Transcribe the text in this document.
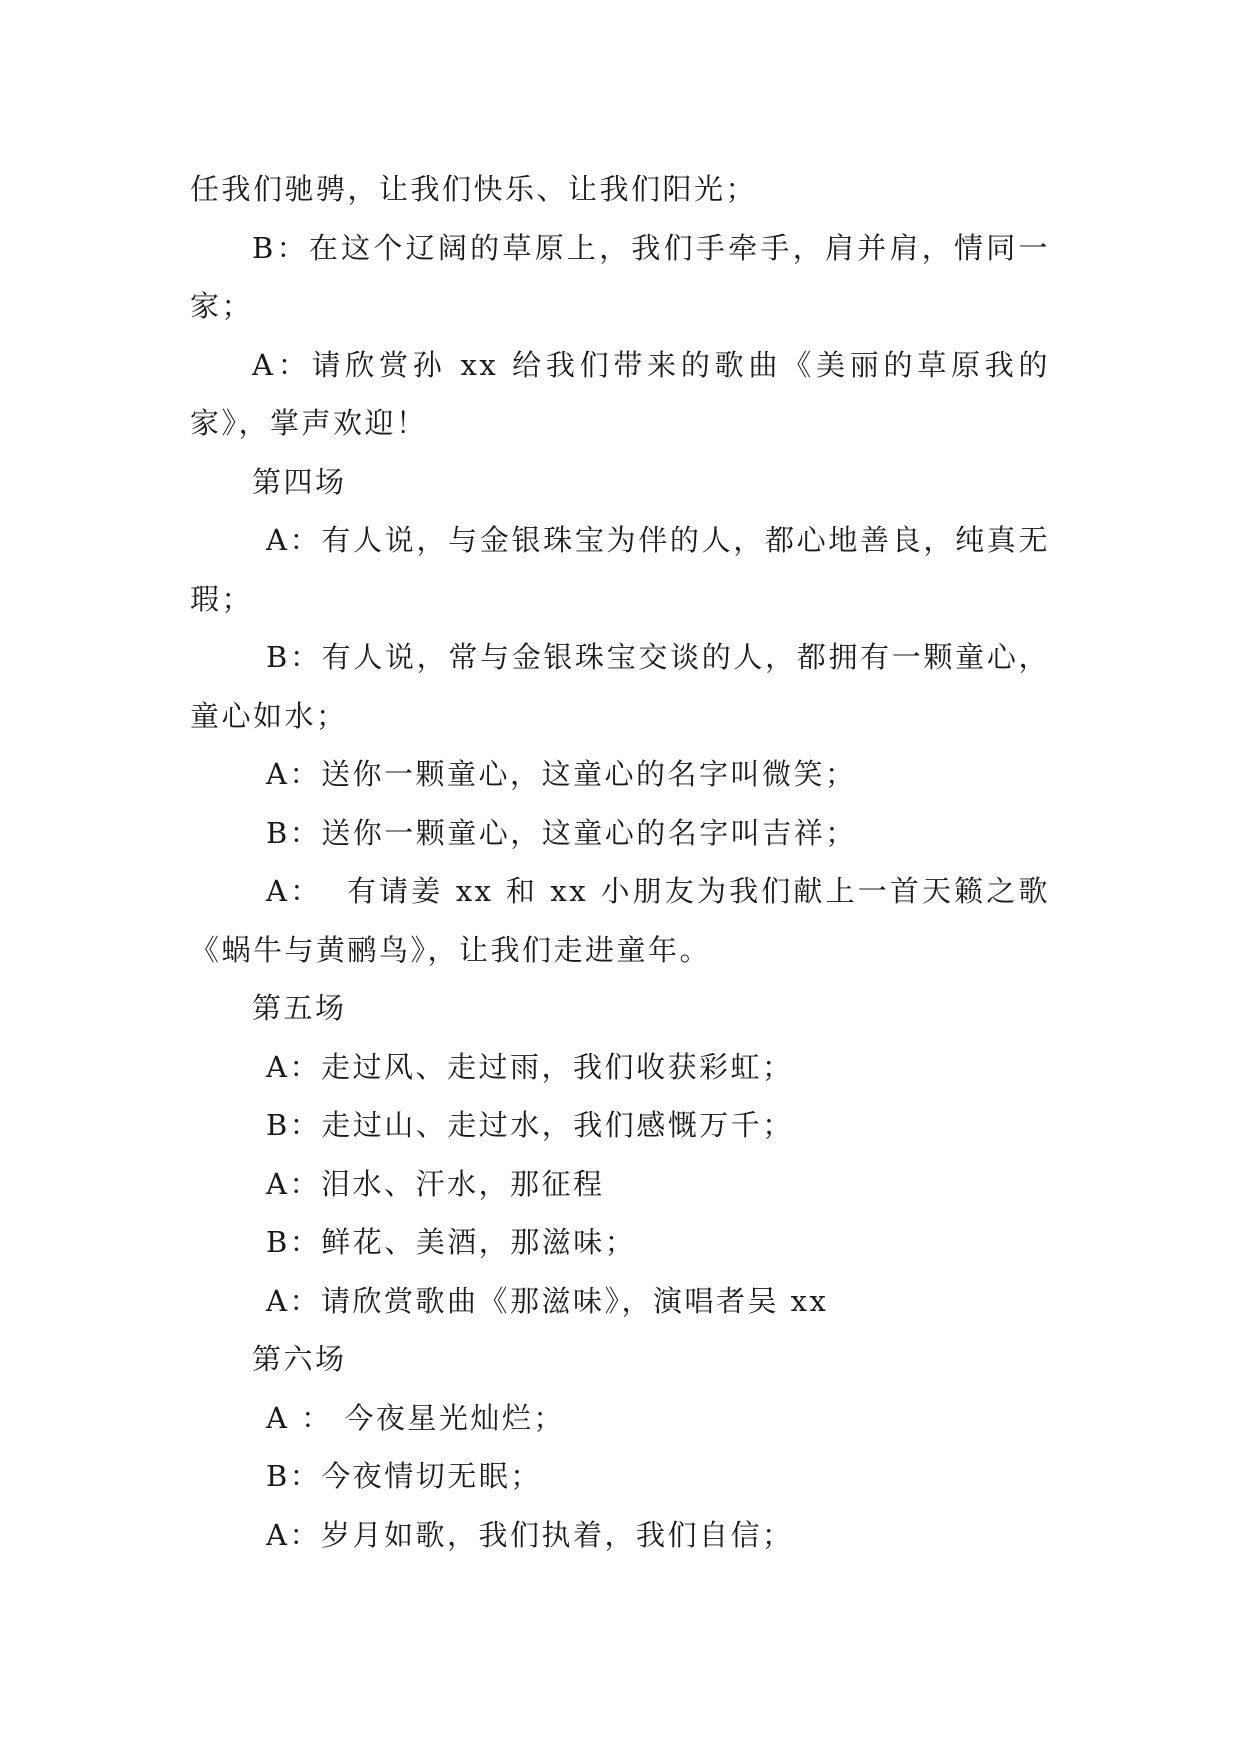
任我们驰骋，让我们快乐、让我们阳光；

B：在这个辽阔的草原上，我们手牵手，肩并肩，情同一家；

A：请欣赏孙 xx 给我们带来的歌曲《美丽的草原我的家》，掌声欢迎！

第四场

A：有人说，与金银珠宝为伴的人，都心地善良，纯真无瑕；

B：有人说，常与金银珠宝交谈的人，都拥有一颗童心，童心如水；

A：送你一颗童心，这童心的名字叫微笑；

B：送你一颗童心，这童心的名字叫吉祥；

A：  有请姜 xx 和 xx 小朋友为我们献上一首天籁之歌《蜗牛与黄鹂鸟》，让我们走进童年。

第五场

A：走过风、走过雨，我们收获彩虹；

B：走过山、走过水，我们感慨万千；

A：泪水、汗水，那征程

B：鲜花、美酒，那滋味；

A：请欣赏歌曲《那滋味》，演唱者吴 xx

第六场

A ： 今夜星光灿烂；

B：今夜情切无眠；

A：岁月如歌，我们执着，我们自信；
